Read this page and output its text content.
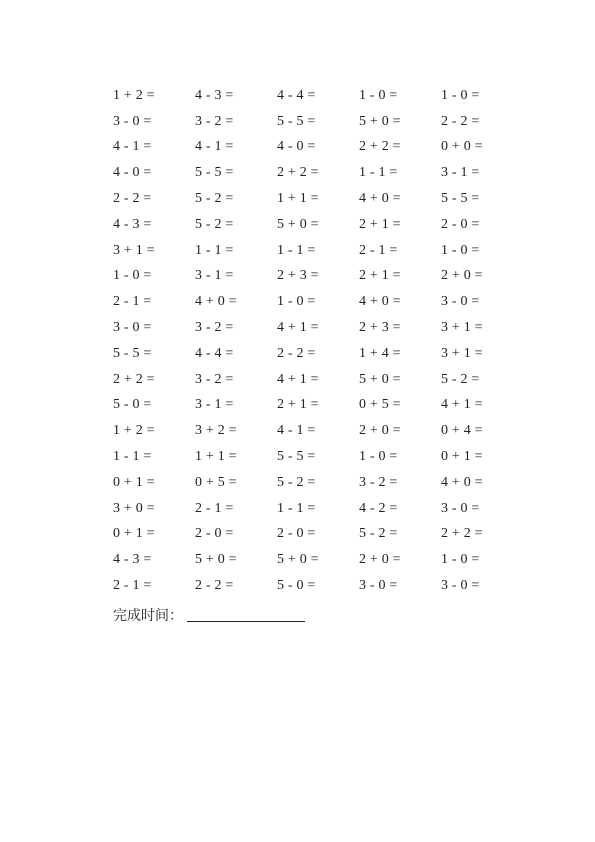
1 + 2 =	4 - 3 =	4 - 4 =	1 - 0 =	1 - 0 =
3 - 0 =	3 - 2 =	5 - 5 =	5 + 0 =	2 - 2 =
4 - 1 =	4 - 1 =	4 - 0 =	2 + 2 =	0 + 0 =
4 - 0 =	5 - 5 =	2 + 2 =	1 - 1 =	3 - 1 =
2 - 2 =	5 - 2 =	1 + 1 =	4 + 0 =	5 - 5 =
4 - 3 =	5 - 2 =	5 + 0 =	2 + 1 =	2 - 0 =
3 + 1 =	1 - 1 =	1 - 1 =	2 - 1 =	1 - 0 =
1 - 0 =	3 - 1 =	2 + 3 =	2 + 1 =	2 + 0 =
2 - 1 =	4 + 0 =	1 - 0 =	4 + 0 =	3 - 0 =
3 - 0 =	3 - 2 =	4 + 1 =	2 + 3 =	3 + 1 =
5 - 5 =	4 - 4 =	2 - 2 =	1 + 4 =	3 + 1 =
2 + 2 =	3 - 2 =	4 + 1 =	5 + 0 =	5 - 2 =
5 - 0 =	3 - 1 =	2 + 1 =	0 + 5 =	4 + 1 =
1 + 2 =	3 + 2 =	4 - 1 =	2 + 0 =	0 + 4 =
1 - 1 =	1 + 1 =	5 - 5 =	1 - 0 =	0 + 1 =
0 + 1 =	0 + 5 =	5 - 2 =	3 - 2 =	4 + 0 =
3 + 0 =	2 - 1 =	1 - 1 =	4 - 2 =	3 - 0 =
0 + 1 =	2 - 0 =	2 - 0 =	5 - 2 =	2 + 2 =
4 - 3 =	5 + 0 =	5 + 0 =	2 + 0 =	1 - 0 =
2 - 1 =	2 - 2 =	5 - 0 =	3 - 0 =	3 - 0 =
完成时间：
